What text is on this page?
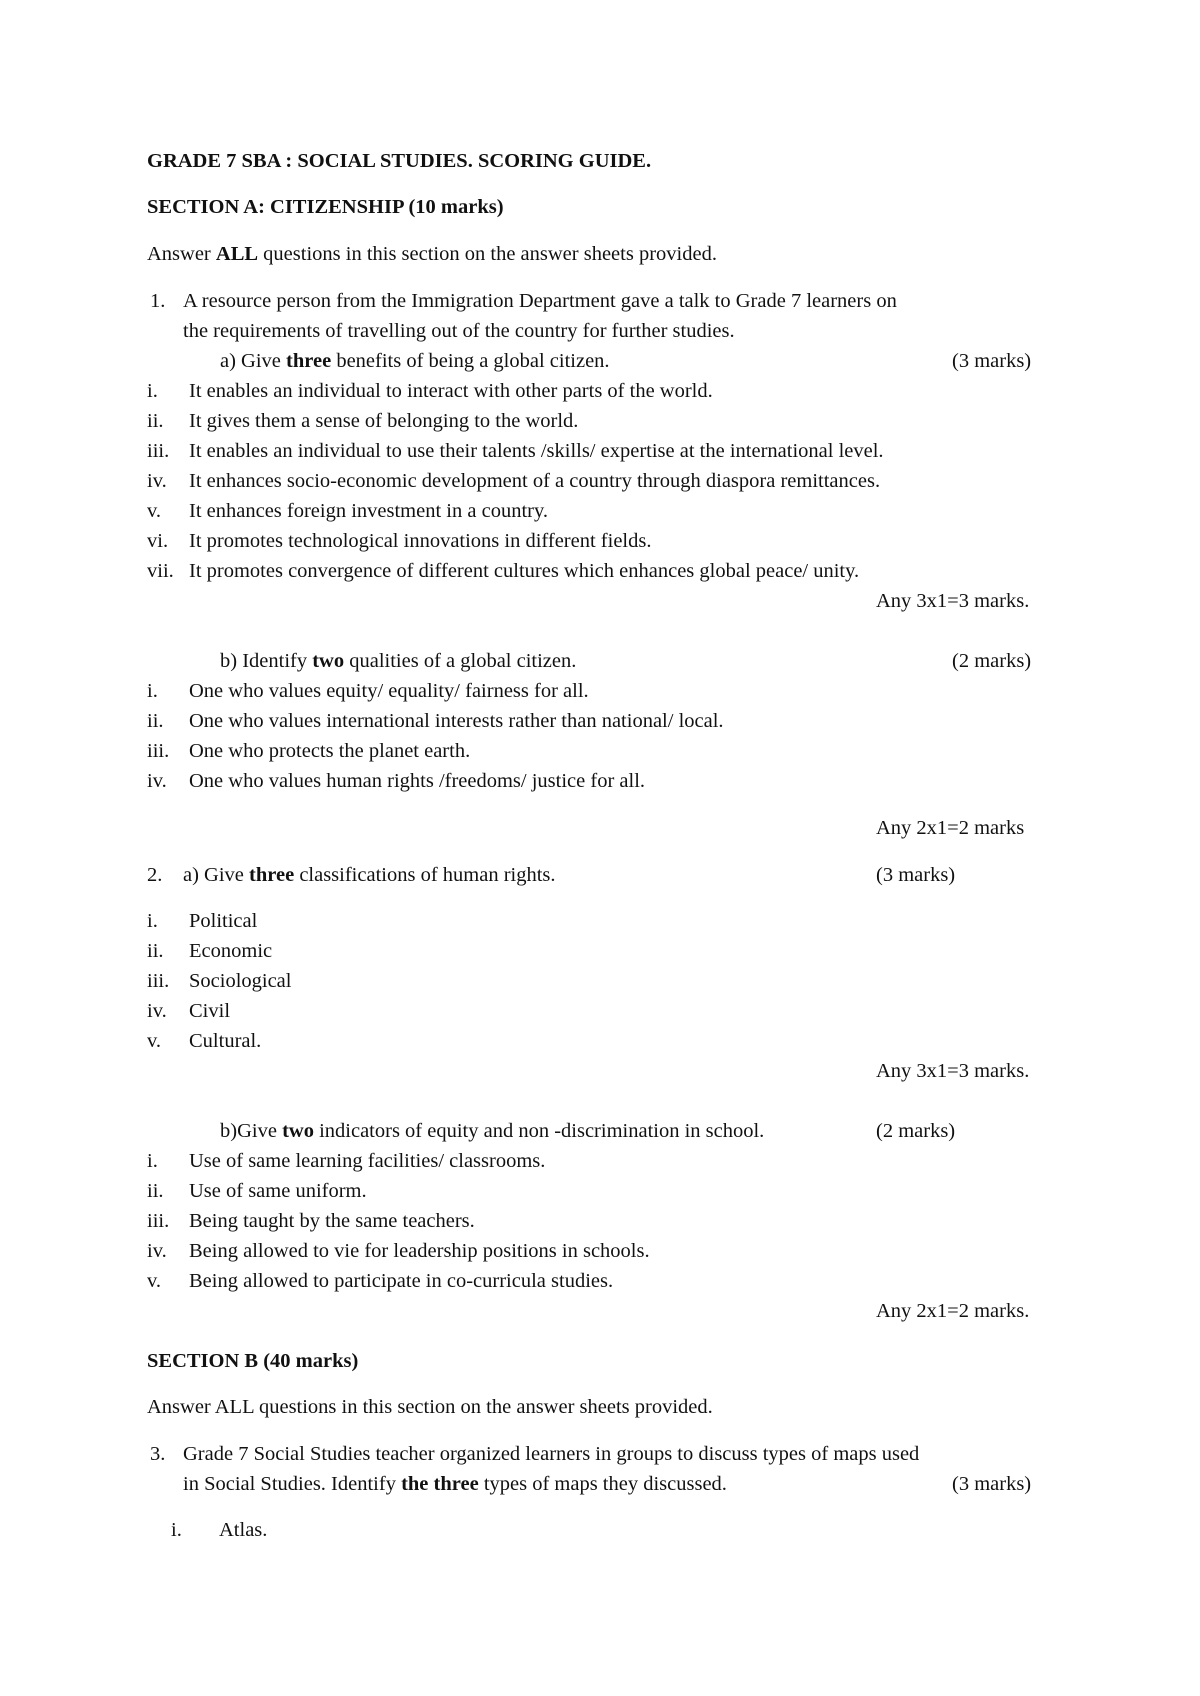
GRADE 7 SBA : SOCIAL STUDIES. SCORING GUIDE.
SECTION A: CITIZENSHIP (10 marks)
Answer ALL questions in this section on the answer sheets provided.
1. A resource person from the Immigration Department gave a talk to Grade 7 learners on
the requirements of travelling out of the country for further studies.
a) Give three benefits of being a global citizen.	(3 marks)
i. It enables an individual to interact with other parts of the world.
ii. It gives them a sense of belonging to the world.
iii. It enables an individual to use their talents /skills/ expertise at the international level.
iv. It enhances socio-economic development of a country through diaspora remittances.
v. It enhances foreign investment in a country.
vi. It promotes technological innovations in different fields.
vii. It promotes convergence of different cultures which enhances global peace/ unity.
Any 3x1=3 marks.
b) Identify two qualities of a global citizen.	(2 marks)
i. One who values equity/ equality/ fairness for all.
ii. One who values international interests rather than national/ local.
iii. One who protects the planet earth.
iv. One who values human rights /freedoms/ justice for all.
Any 2x1=2 marks
2. a) Give three classifications of human rights.	(3 marks)
i. Political
ii. Economic
iii. Sociological
iv. Civil
v. Cultural.
Any 3x1=3 marks.
b)Give two indicators of equity and non -discrimination in school.	(2 marks)
i. Use of same learning facilities/ classrooms.
ii. Use of same uniform.
iii. Being taught by the same teachers.
iv. Being allowed to vie for leadership positions in schools.
v. Being allowed to participate in co-curricula studies.
Any 2x1=2 marks.
SECTION B (40 marks)
Answer ALL questions in this section on the answer sheets provided.
3. Grade 7 Social Studies teacher organized learners in groups to discuss types of maps used
in Social Studies. Identify the three types of maps they discussed.	(3 marks)
i. Atlas.
